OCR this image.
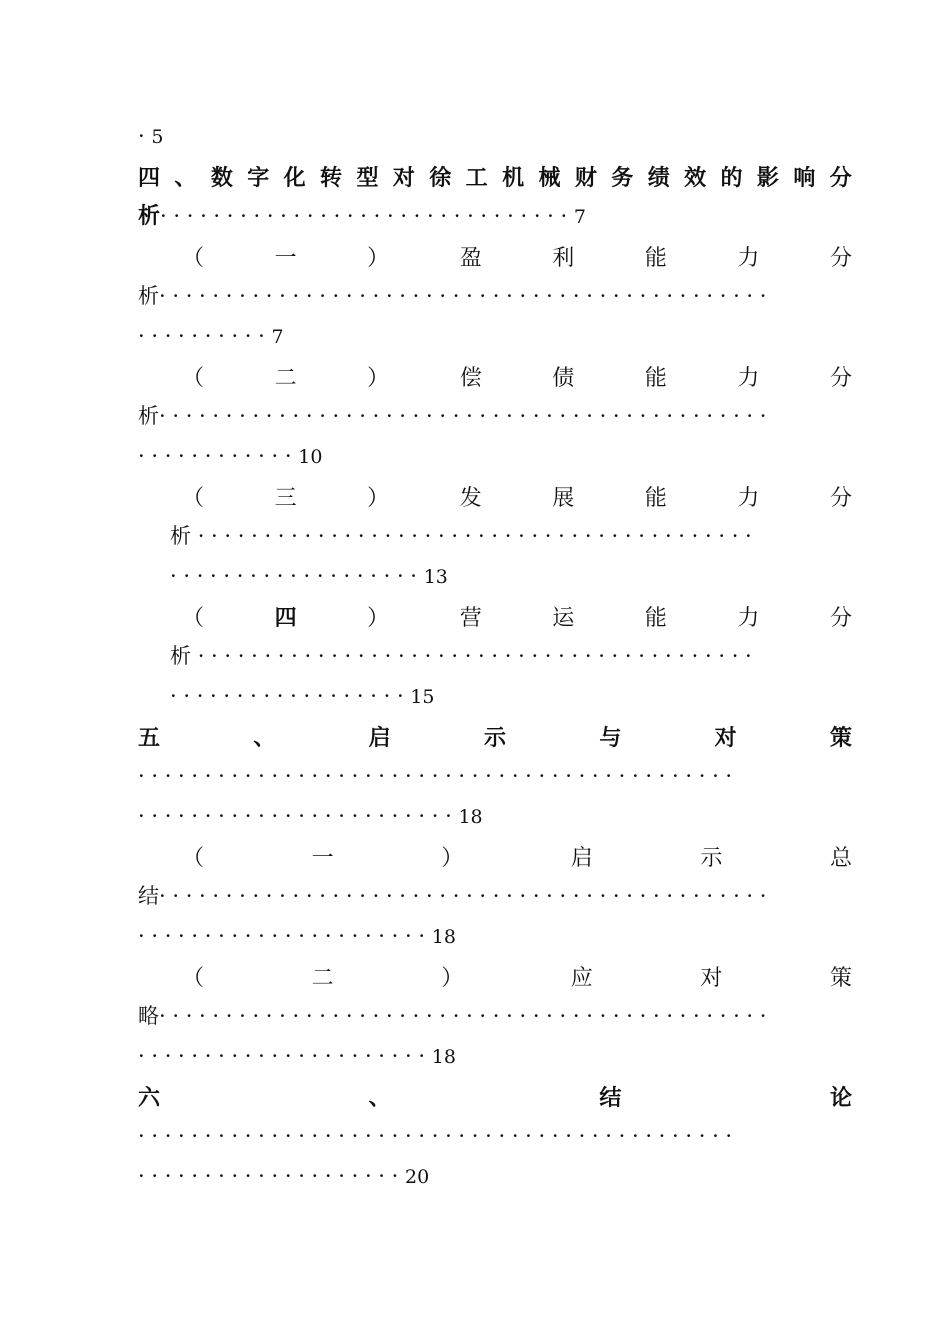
· 5
四 、 数 字 化 转 型 对 徐 工 机 械 财 务 绩 效 的 影 响 分
析· · · · · · · · · · · · · · · · · · · · · · · · · · · · · · · 7
（	一	）	盈	利	能	力	分
析· · · · · · · · · · · · · · · · · · · · · · · · · · · · · · · · · · · · · · · · · · · · · ·
· · · · · · · · · · 7
（	二	）	偿	债	能	力	分
析· · · · · · · · · · · · · · · · · · · · · · · · · · · · · · · · · · · · · · · · · · · · · ·
· · · · · · · · · · · · 10
（	三	）	发	展	能	力	分
析 · · · · · · · · · · · · · · · · · · · · · · · · · · · · · · · · · · · · · · · · · ·
· · · · · · · · · · · · · · · · · · · 13
（	四	）	营	运	能	力	分
析 · · · · · · · · · · · · · · · · · · · · · · · · · · · · · · · · · · · · · · · · · ·
· · · · · · · · · · · · · · · · · · 15
五	、	启	示	与	对	策
· · · · · · · · · · · · · · · · · · · · · · · · · · · · · · · · · · · · · · · · · · · · ·
· · · · · · · · · · · · · · · · · · · · · · · · 18
（	一	）	启	示	总
结· · · · · · · · · · · · · · · · · · · · · · · · · · · · · · · · · · · · · · · · · · · · · ·
· · · · · · · · · · · · · · · · · · · · · · 18
（	二	）	应	对	策
略· · · · · · · · · · · · · · · · · · · · · · · · · · · · · · · · · · · · · · · · · · · · · ·
· · · · · · · · · · · · · · · · · · · · · · 18
六	、	结	论
· · · · · · · · · · · · · · · · · · · · · · · · · · · · · · · · · · · · · · · · · · · · ·
· · · · · · · · · · · · · · · · · · · · 20
